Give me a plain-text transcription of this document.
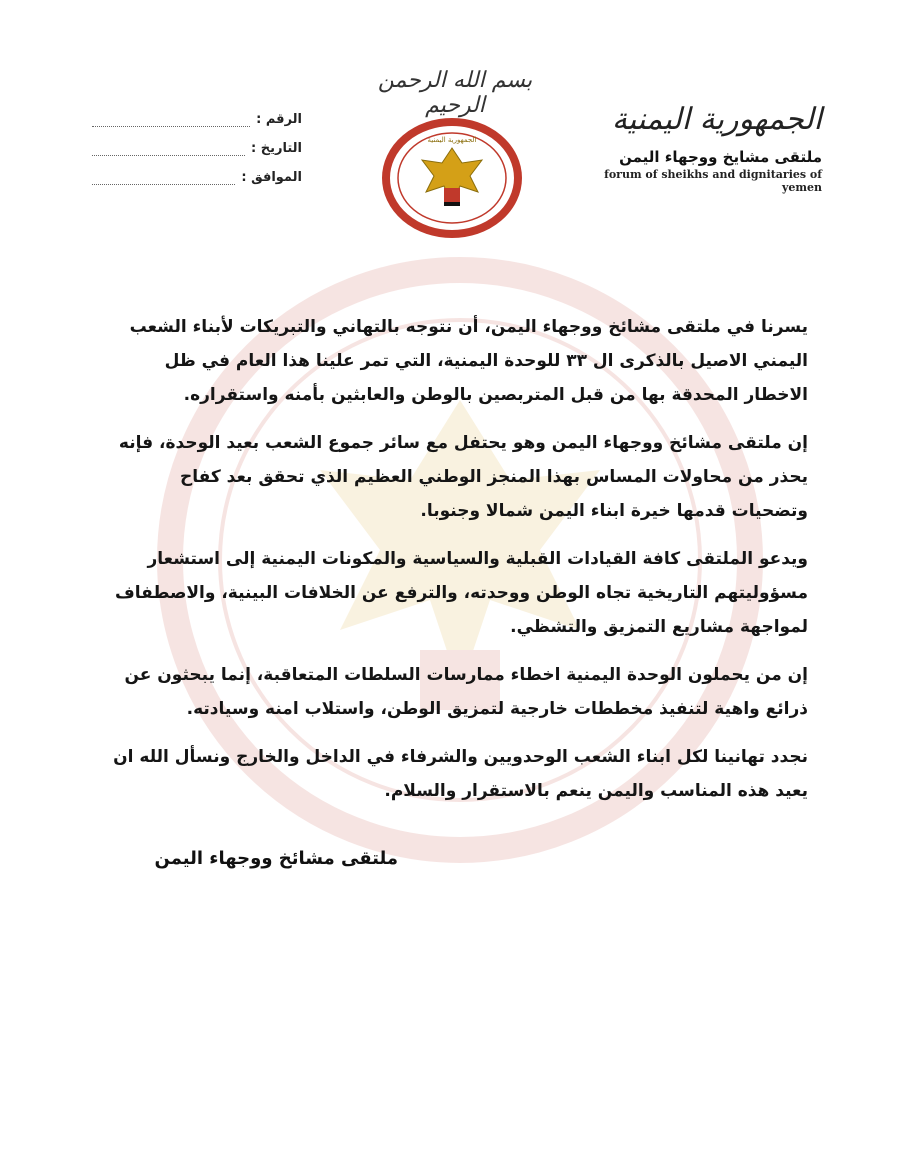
الجمهورية اليمنية
ملتقى مشايخ ووجهاء اليمن
forum of sheikhs and dignitaries of yemen
بسم الله الرحمن الرحيم
الجمهورية اليمنية
الرقم :
التاريخ :
الموافق :

يسرنا في ملتقى مشائخ ووجهاء اليمن، أن نتوجه بالتهاني والتبريكات لأبناء الشعب اليمني الاصيل بالذكرى ال ٣٣ للوحدة اليمنية، التي تمر علينا هذا العام في ظل الاخطار المحدقة بها من قبل المتربصين بالوطن والعابثين بأمنه واستقراره.

إن ملتقى مشائخ ووجهاء اليمن وهو يحتفل مع سائر جموع الشعب بعيد الوحدة، فإنه يحذر من محاولات المساس بهذا المنجز الوطني العظيم الذي تحقق بعد كفاح وتضحيات قدمها خيرة ابناء اليمن شمالا وجنوبا.

ويدعو الملتقى كافة القيادات القبلية والسياسية والمكونات اليمنية إلى استشعار مسؤوليتهم التاريخية تجاه الوطن ووحدته، والترفع عن الخلافات البينية، والاصطفاف لمواجهة مشاريع التمزيق والتشظي.

إن من يحملون الوحدة اليمنية اخطاء ممارسات السلطات المتعاقبة، إنما يبحثون عن ذرائع واهية لتنفيذ مخططات خارجية لتمزيق الوطن، واستلاب امنه وسيادته.

نجدد تهانينا لكل ابناء الشعب الوحدويين والشرفاء في الداخل والخارج ونسأل الله ان يعيد هذه المناسب واليمن ينعم بالاستقرار والسلام.

ملتقى مشائخ ووجهاء اليمن
